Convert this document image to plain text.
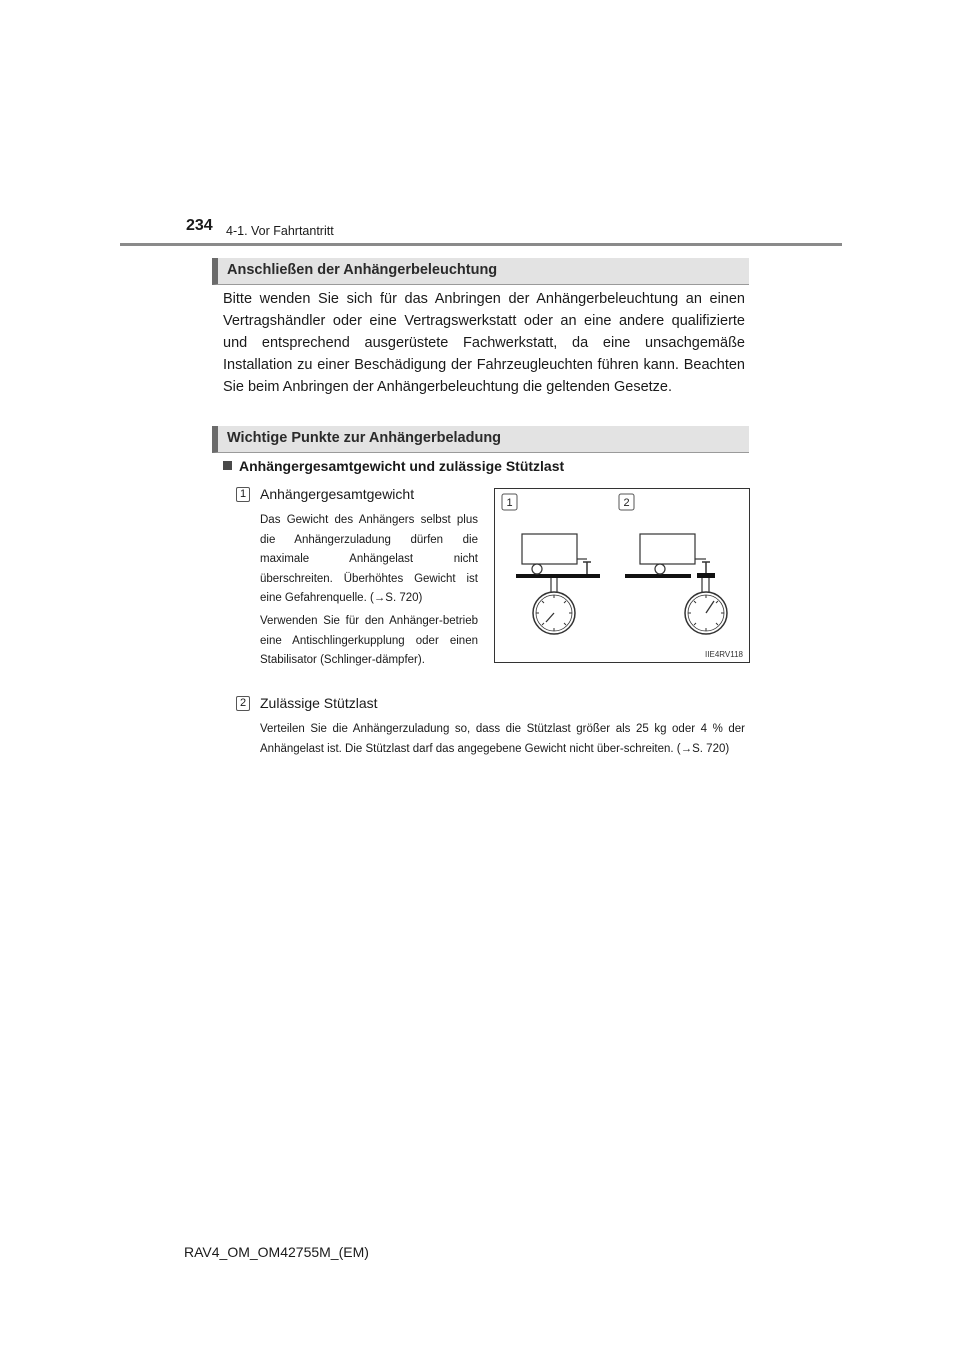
234 4-1. Vor Fahrtantritt
Anschließen der Anhängerbeleuchtung

Bitte wenden Sie sich für das Anbringen der Anhängerbeleuchtung an einen Vertragshändler oder eine Vertragswerkstatt oder an eine andere qualifizierte und entsprechend ausgerüstete Fachwerkstatt, da eine unsachgemäße Installation zu einer Beschädigung der Fahrzeugleuchten führen kann. Beachten Sie beim Anbringen der Anhängerbeleuchtung die geltenden Gesetze.

Wichtige Punkte zur Anhängerbeladung
Anhängergesamtgewicht und zulässige Stützlast
1 Anhängergesamtgewicht

Das Gewicht des Anhängers selbst plus die Anhängerzuladung dürfen die maximale Anhängelast nicht überschreiten. Überhöhtes Gewicht ist eine Gefahrenquelle. (→S. 720)

Verwenden Sie für den Anhänger-betrieb eine Antischlingerkupplung oder einen Stabilisator (Schlinger-dämpfer).

2 Zulässige Stützlast

Verteilen Sie die Anhängerzuladung so, dass die Stützlast größer als 25 kg oder 4 % der Anhängelast ist. Die Stützlast darf das angegebene Gewicht nicht über-schreiten. (→S. 720)

1	2
IIE4RV118
RAV4_OM_OM42755M_(EM)
